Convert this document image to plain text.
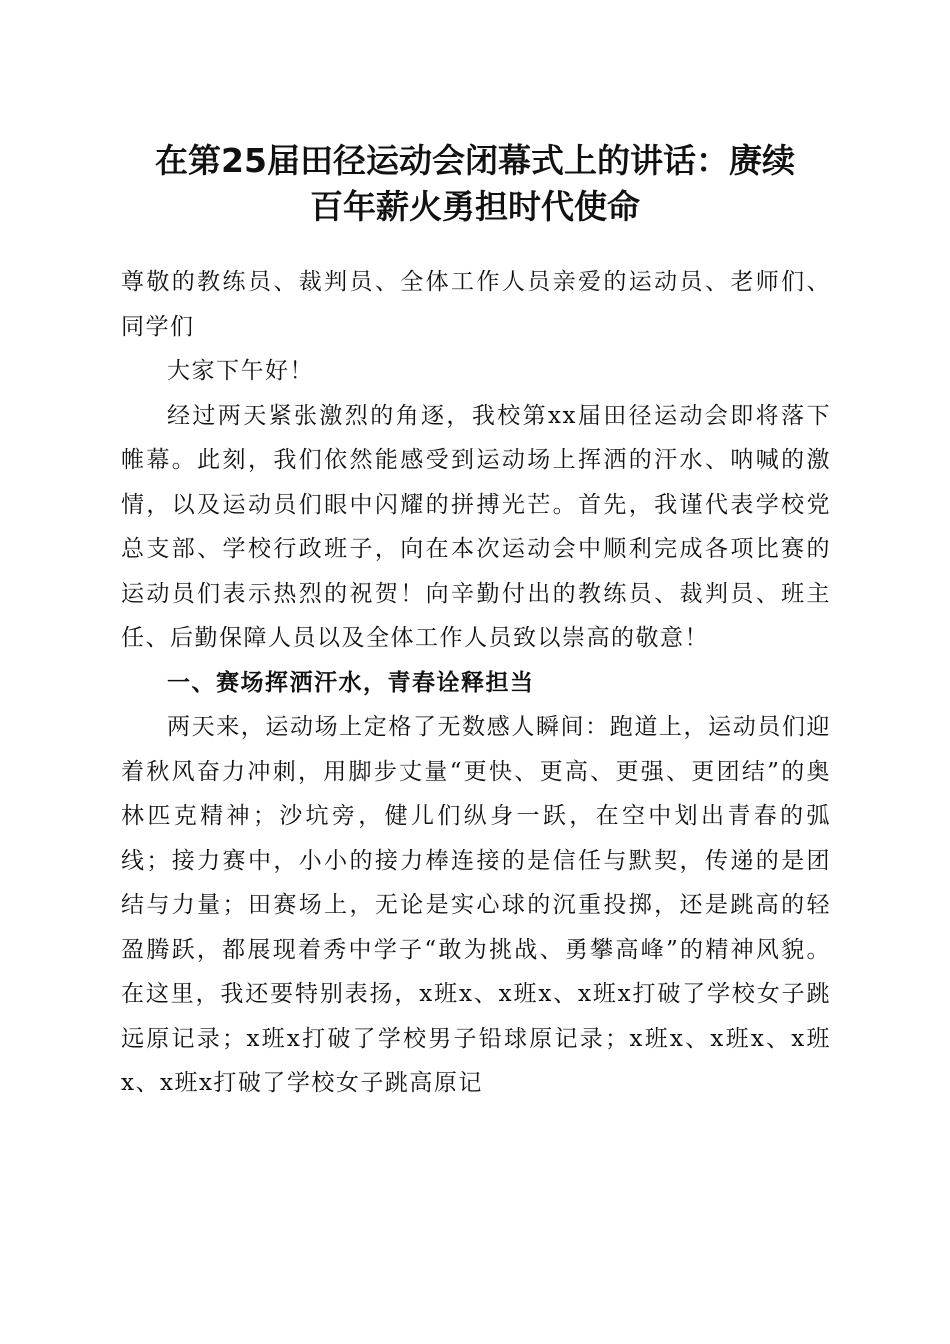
在第25届田径运动会闭幕式上的讲话：赓续
百年薪火勇担时代使命

尊敬的教练员、裁判员、全体工作人员亲爱的运动员、老师们、同学们

大家下午好！

经过两天紧张激烈的角逐，我校第xx届田径运动会即将落下帷幕。此刻，我们依然能感受到运动场上挥洒的汗水、呐喊的激情，以及运动员们眼中闪耀的拼搏光芒。首先，我谨代表学校党总支部、学校行政班子，向在本次运动会中顺利完成各项比赛的运动员们表示热烈的祝贺！向辛勤付出的教练员、裁判员、班主任、后勤保障人员以及全体工作人员致以崇高的敬意！

一、赛场挥洒汗水，青春诠释担当

两天来，运动场上定格了无数感人瞬间：跑道上，运动员们迎着秋风奋力冲刺，用脚步丈量“更快、更高、更强、更团结”的奥林匹克精神；沙坑旁，健儿们纵身一跃，在空中划出青春的弧线；接力赛中，小小的接力棒连接的是信任与默契，传递的是团结与力量；田赛场上，无论是实心球的沉重投掷，还是跳高的轻盈腾跃，都展现着秀中学子“敢为挑战、勇攀高峰”的精神风貌。在这里，我还要特别表扬，x班x、x班x、x班x打破了学校女子跳远原记录；x班x打破了学校男子铅球原记录；x班x、x班x、x班x、x班x打破了学校女子跳高原记
